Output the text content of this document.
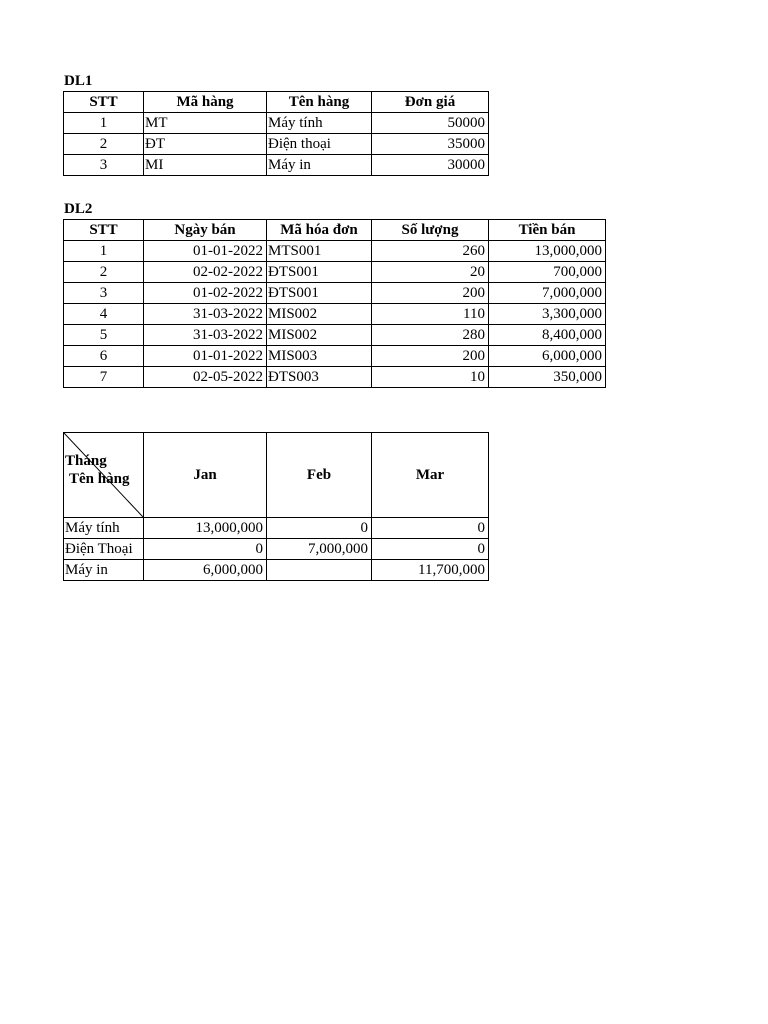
DL1
STT	Mã hàng	Tên hàng	Đơn giá
1	MT	Máy tính	50000
2	ĐT	Điện thoại	35000
3	MI	Máy in	30000
DL2
STT	Ngày bán	Mã hóa đơn	Số lượng	Tiền bán
1	01-01-2022	MTS001	260	13,000,000
2	02-02-2022	ĐTS001	20	700,000
3	01-02-2022	ĐTS001	200	7,000,000
4	31-03-2022	MIS002	110	3,300,000
5	31-03-2022	MIS002	280	8,400,000
6	01-01-2022	MIS003	200	6,000,000
7	02-05-2022	ĐTS003	10	350,000
Tháng
Tên hàng	Jan	Feb	Mar
Máy tính	13,000,000	0	0
Điện Thoại	0	7,000,000	0
Máy in	6,000,000		11,700,000
